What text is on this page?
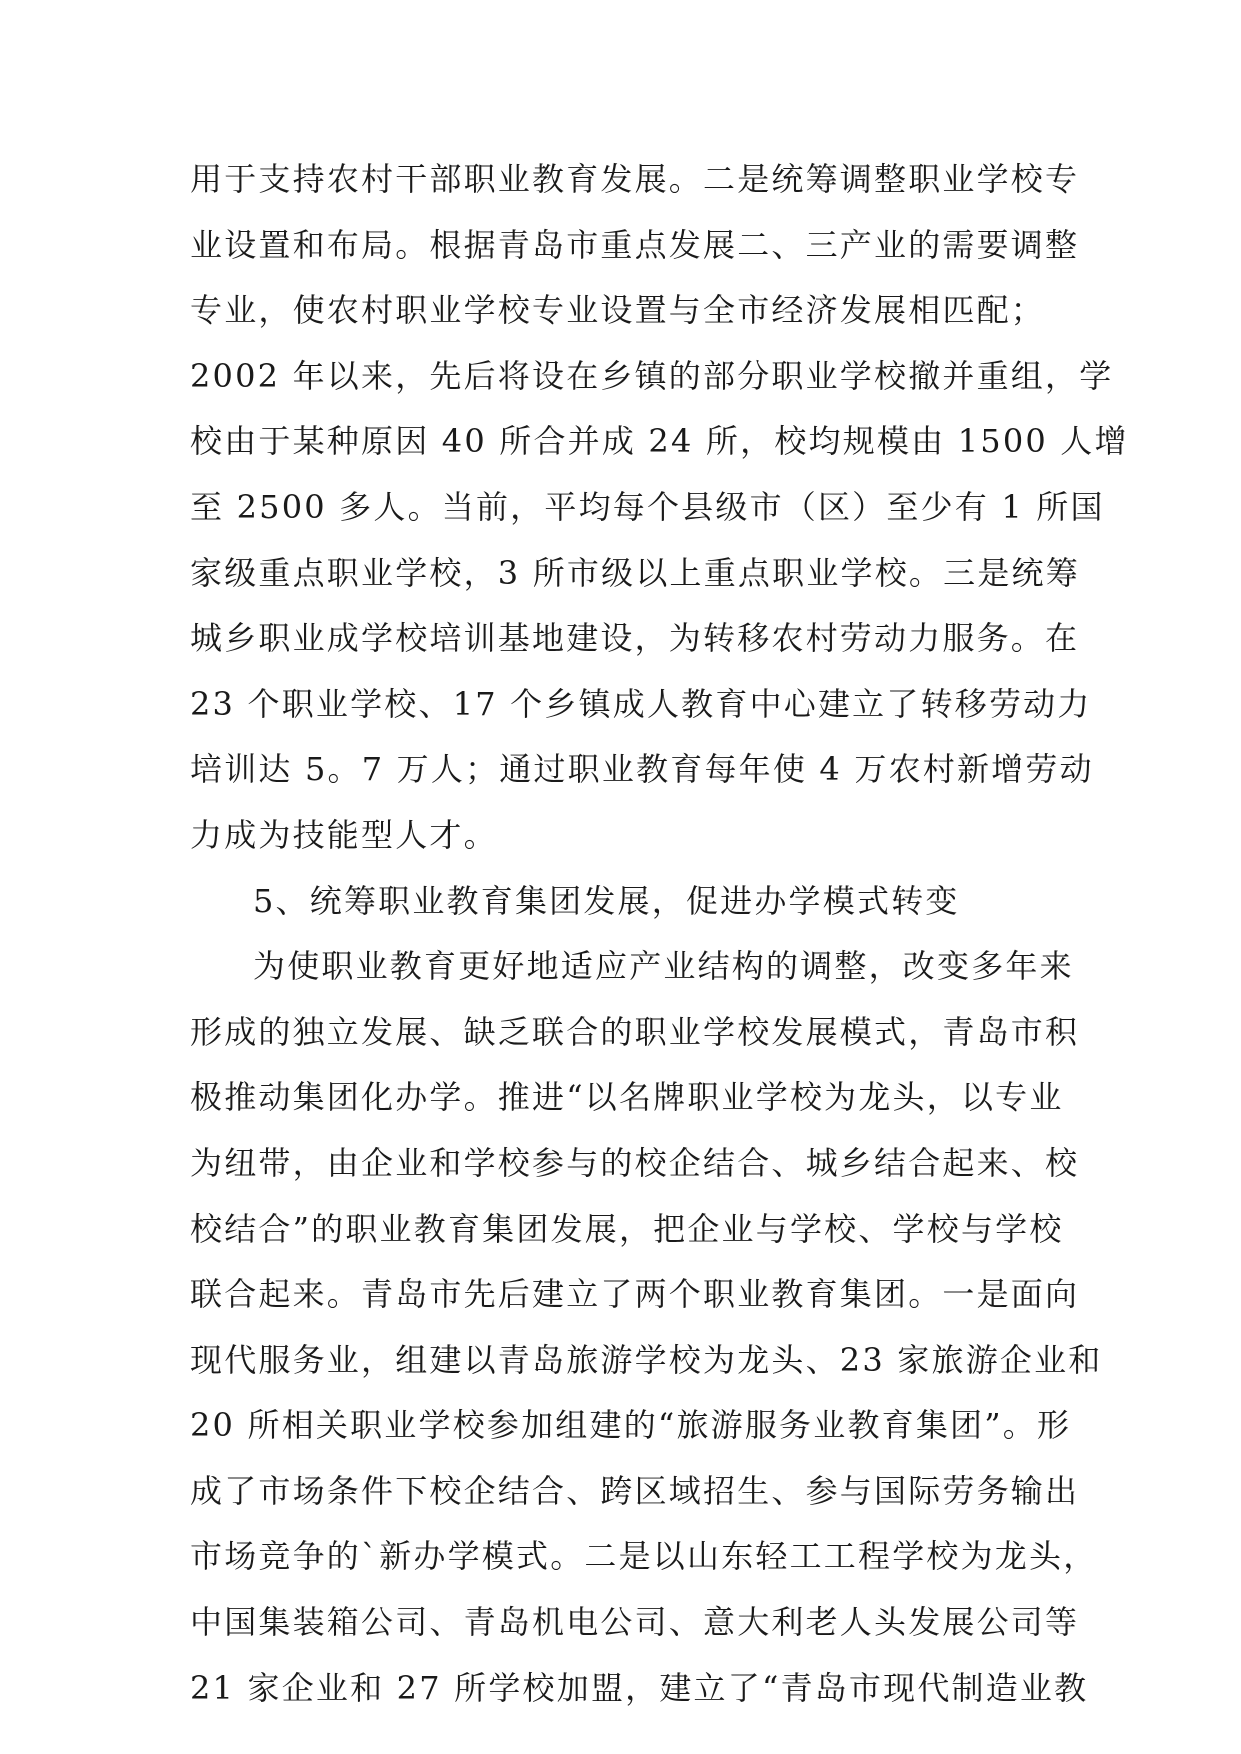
用于支持农村干部职业教育发展。二是统筹调整职业学校专
业设置和布局。根据青岛市重点发展二、三产业的需要调整
专业，使农村职业学校专业设置与全市经济发展相匹配；
2002 年以来，先后将设在乡镇的部分职业学校撤并重组，学
校由于某种原因 40 所合并成 24 所，校均规模由 1500 人增
至 2500 多人。当前，平均每个县级市（区）至少有 1 所国
家级重点职业学校，3 所市级以上重点职业学校。三是统筹
城乡职业成学校培训基地建设，为转移农村劳动力服务。在
23 个职业学校、17 个乡镇成人教育中心建立了转移劳动力
培训达 5。7 万人；通过职业教育每年使 4 万农村新增劳动
力成为技能型人才。
5、统筹职业教育集团发展，促进办学模式转变
为使职业教育更好地适应产业结构的调整，改变多年来
形成的独立发展、缺乏联合的职业学校发展模式，青岛市积
极推动集团化办学。推进“以名牌职业学校为龙头，以专业
为纽带，由企业和学校参与的校企结合、城乡结合起来、校
校结合”的职业教育集团发展，把企业与学校、学校与学校
联合起来。青岛市先后建立了两个职业教育集团。一是面向
现代服务业，组建以青岛旅游学校为龙头、23 家旅游企业和
20 所相关职业学校参加组建的“旅游服务业教育集团”。形
成了市场条件下校企结合、跨区域招生、参与国际劳务输出
市场竞争的`新办学模式。二是以山东轻工工程学校为龙头，
中国集装箱公司、青岛机电公司、意大利老人头发展公司等
21 家企业和 27 所学校加盟，建立了“青岛市现代制造业教
